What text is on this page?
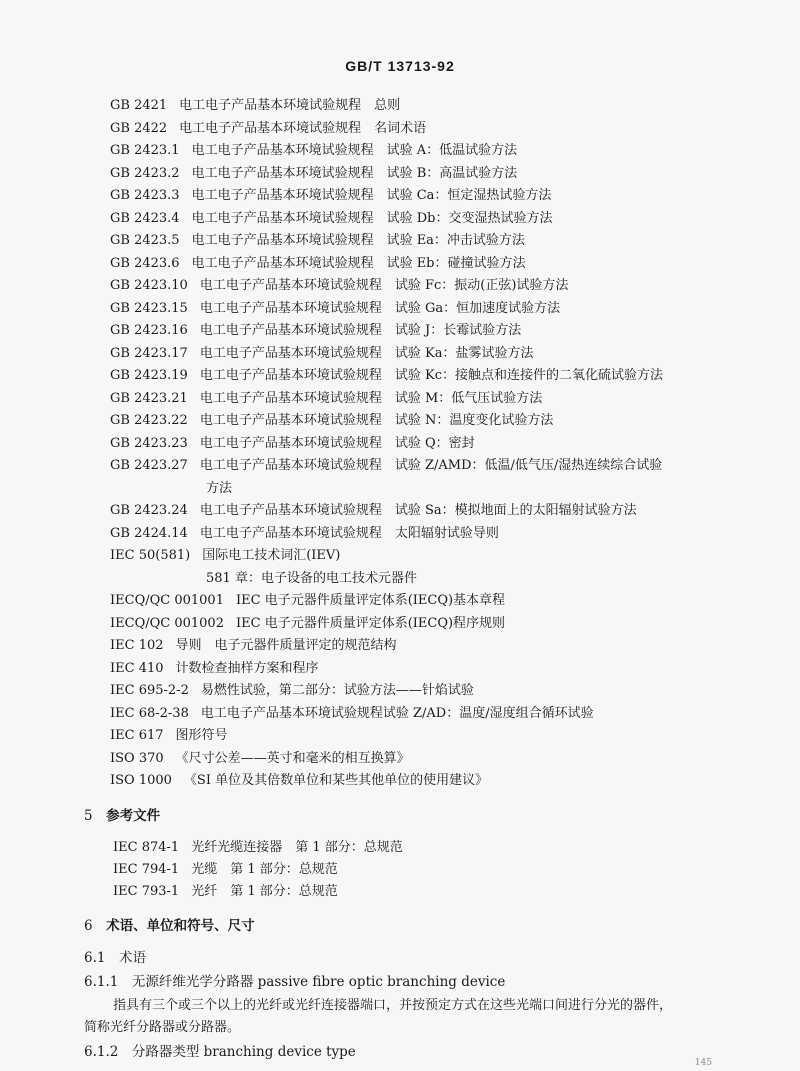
GB/T 13713-92
GB 2421 电工电子产品基本环境试验规程　总则
GB 2422 电工电子产品基本环境试验规程　名词术语
GB 2423.1 电工电子产品基本环境试验规程　试验 A：低温试验方法
GB 2423.2 电工电子产品基本环境试验规程　试验 B：高温试验方法
GB 2423.3 电工电子产品基本环境试验规程　试验 Ca：恒定湿热试验方法
GB 2423.4 电工电子产品基本环境试验规程　试验 Db：交变湿热试验方法
GB 2423.5 电工电子产品基本环境试验规程　试验 Ea：冲击试验方法
GB 2423.6 电工电子产品基本环境试验规程　试验 Eb：碰撞试验方法
GB 2423.10 电工电子产品基本环境试验规程　试验 Fc：振动(正弦)试验方法
GB 2423.15 电工电子产品基本环境试验规程　试验 Ga：恒加速度试验方法
GB 2423.16 电工电子产品基本环境试验规程　试验 J：长霉试验方法
GB 2423.17 电工电子产品基本环境试验规程　试验 Ka：盐雾试验方法
GB 2423.19 电工电子产品基本环境试验规程　试验 Kc：接触点和连接件的二氧化硫试验方法
GB 2423.21 电工电子产品基本环境试验规程　试验 M：低气压试验方法
GB 2423.22 电工电子产品基本环境试验规程　试验 N：温度变化试验方法
GB 2423.23 电工电子产品基本环境试验规程　试验 Q：密封
GB 2423.27 电工电子产品基本环境试验规程　试验 Z/AMD：低温/低气压/湿热连续综合试验
方法
GB 2423.24 电工电子产品基本环境试验规程　试验 Sa：模拟地面上的太阳辐射试验方法
GB 2424.14 电工电子产品基本环境试验规程　太阳辐射试验导则
IEC 50(581) 国际电工技术词汇(IEV)
581 章：电子设备的电工技术元器件
IECQ/QC 001001 IEC 电子元器件质量评定体系(IECQ)基本章程
IECQ/QC 001002 IEC 电子元器件质量评定体系(IECQ)程序规则
IEC 102 导则　电子元器件质量评定的规范结构
IEC 410 计数检查抽样方案和程序
IEC 695-2-2 易燃性试验，第二部分：试验方法——针焰试验
IEC 68-2-38 电工电子产品基本环境试验规程试验 Z/AD：温度/湿度组合循环试验
IEC 617 图形符号
ISO 370 《尺寸公差——英寸和毫米的相互换算》
ISO 1000 《SI 单位及其倍数单位和某些其他单位的使用建议》
5　 参考文件
IEC 874-1 光纤光缆连接器　第 1 部分：总规范
IEC 794-1 光缆　第 1 部分：总规范
IEC 793-1 光纤　第 1 部分：总规范
6　 术语、单位和符号、尺寸
6.1　 术语
6.1.1　 无源纤维光学分路器 passive fibre optic branching device
指具有三个或三个以上的光纤或光纤连接器端口，并按预定方式在这些光端口间进行分光的器件，
简称光纤分路器或分路器。
6.1.2　 分路器类型 branching device type
145
